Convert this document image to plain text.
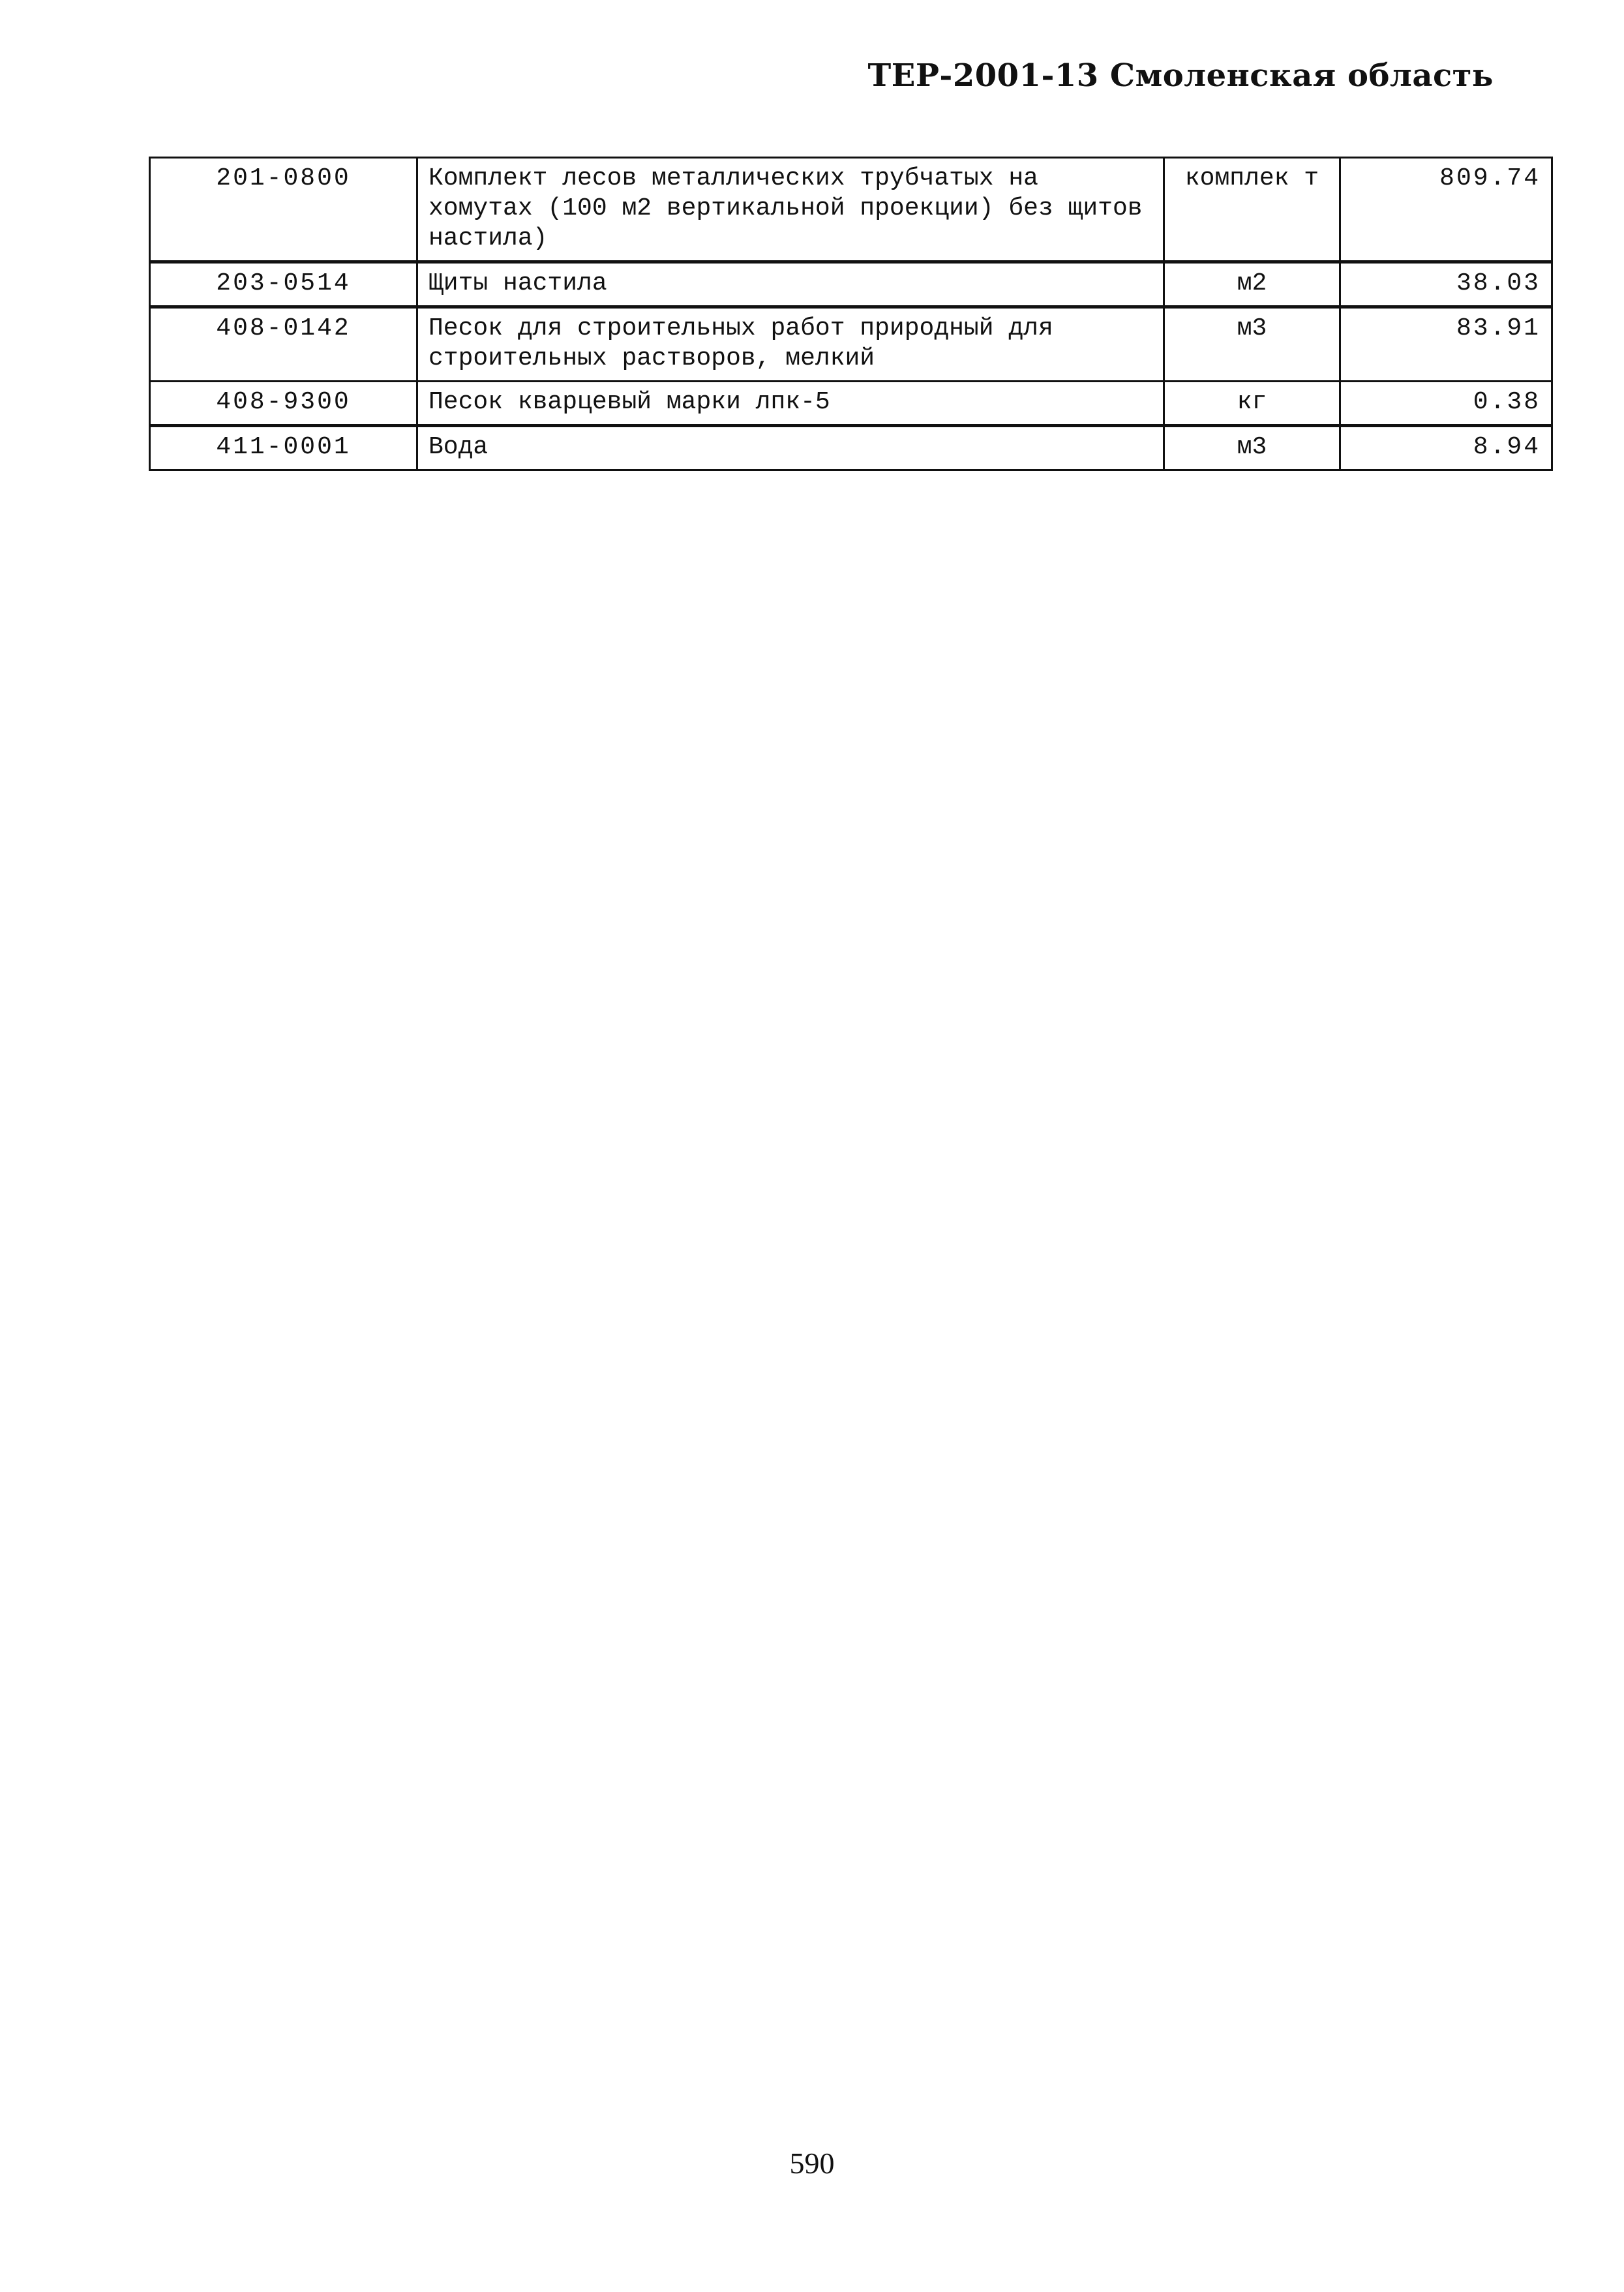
ТЕР-2001-13 Смоленская область
201-0800	Комплект лесов металлических трубчатых на хомутах (100 м2 вертикальной проекции) без щитов настила)	комплек т	809.74
203-0514	Щиты настила	м2	38.03
408-0142	Песок для строительных работ природный для строительных растворов, мелкий	м3	83.91
408-9300	Песок кварцевый марки лпк-5	кг	0.38
411-0001	Вода	м3	8.94
590
